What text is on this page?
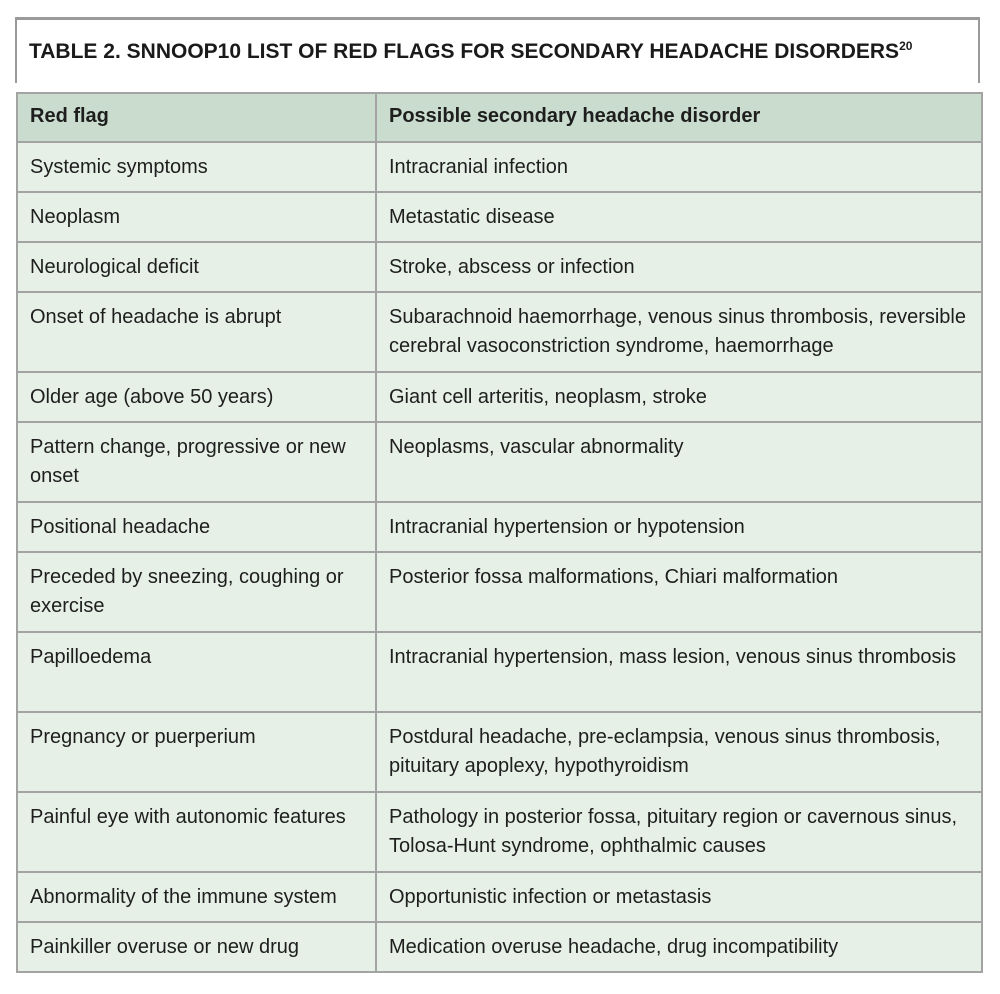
TABLE 2. SNNOOP10 LIST OF RED FLAGS FOR SECONDARY HEADACHE DISORDERS$^{20}$
Red flag	Possible secondary headache disorder
Systemic symptoms	Intracranial infection
Neoplasm	Metastatic disease
Neurological deficit	Stroke, abscess or infection
Onset of headache is abrupt	Subarachnoid haemorrhage, venous sinus thrombosis, reversible cerebral vasoconstriction syndrome, haemorrhage
Older age (above 50 years)	Giant cell arteritis, neoplasm, stroke
Pattern change, progressive or new onset	Neoplasms, vascular abnormality
Positional headache	Intracranial hypertension or hypotension
Preceded by sneezing, coughing or exercise	Posterior fossa malformations, Chiari malformation
Papilloedema	Intracranial hypertension, mass lesion, venous sinus thrombosis
Pregnancy or puerperium	Postdural headache, pre-eclampsia, venous sinus thrombosis, pituitary apoplexy, hypothyroidism
Painful eye with autonomic features	Pathology in posterior fossa, pituitary region or cavernous sinus, Tolosa-Hunt syndrome, ophthalmic causes
Abnormality of the immune system	Opportunistic infection or metastasis
Painkiller overuse or new drug	Medication overuse headache, drug incompatibility
